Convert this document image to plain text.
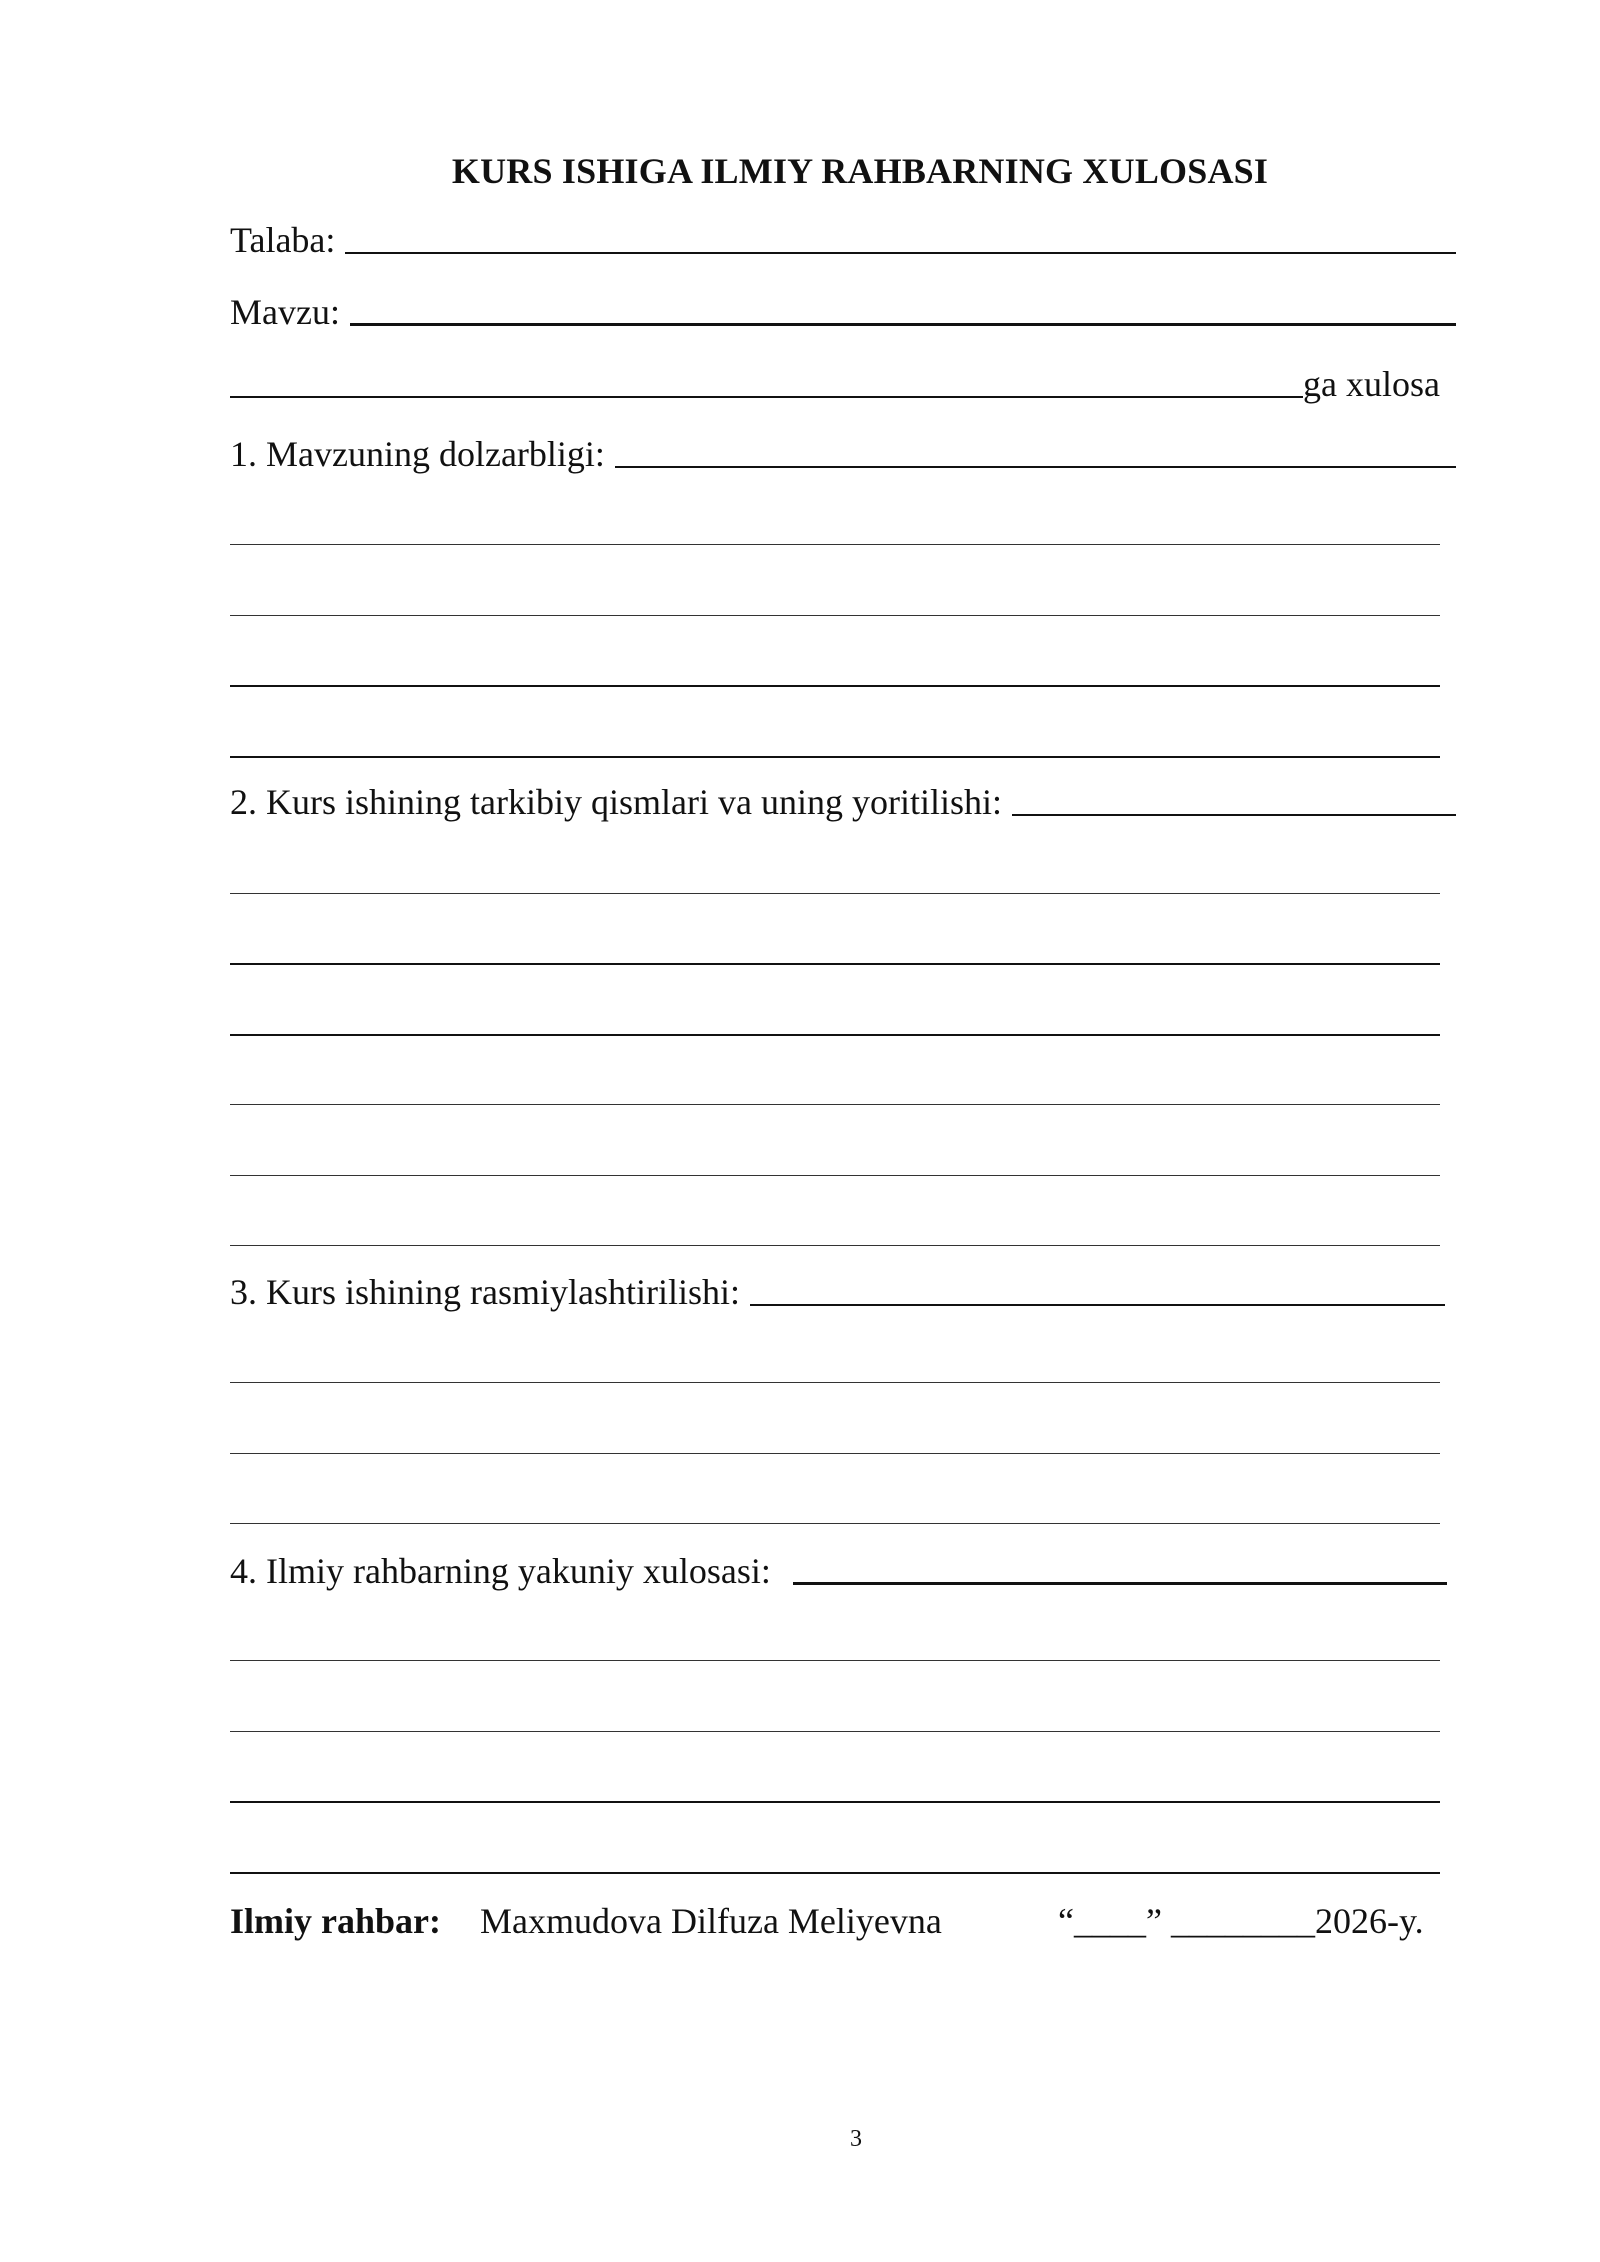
KURS ISHIGA ILMIY RAHBARNING XULOSASI
Talaba:
Mavzu:
ga xulosa
1. Mavzuning dolzarbligi:
2. Kurs ishining tarkibiy qismlari va uning yoritilishi:
3. Kurs ishining rasmiylashtirilishi:
4. Ilmiy rahbarning yakuniy xulosasi:
Ilmiy rahbar: Maxmudova Dilfuza Meliyevna	“____” ________2026-y.
3
